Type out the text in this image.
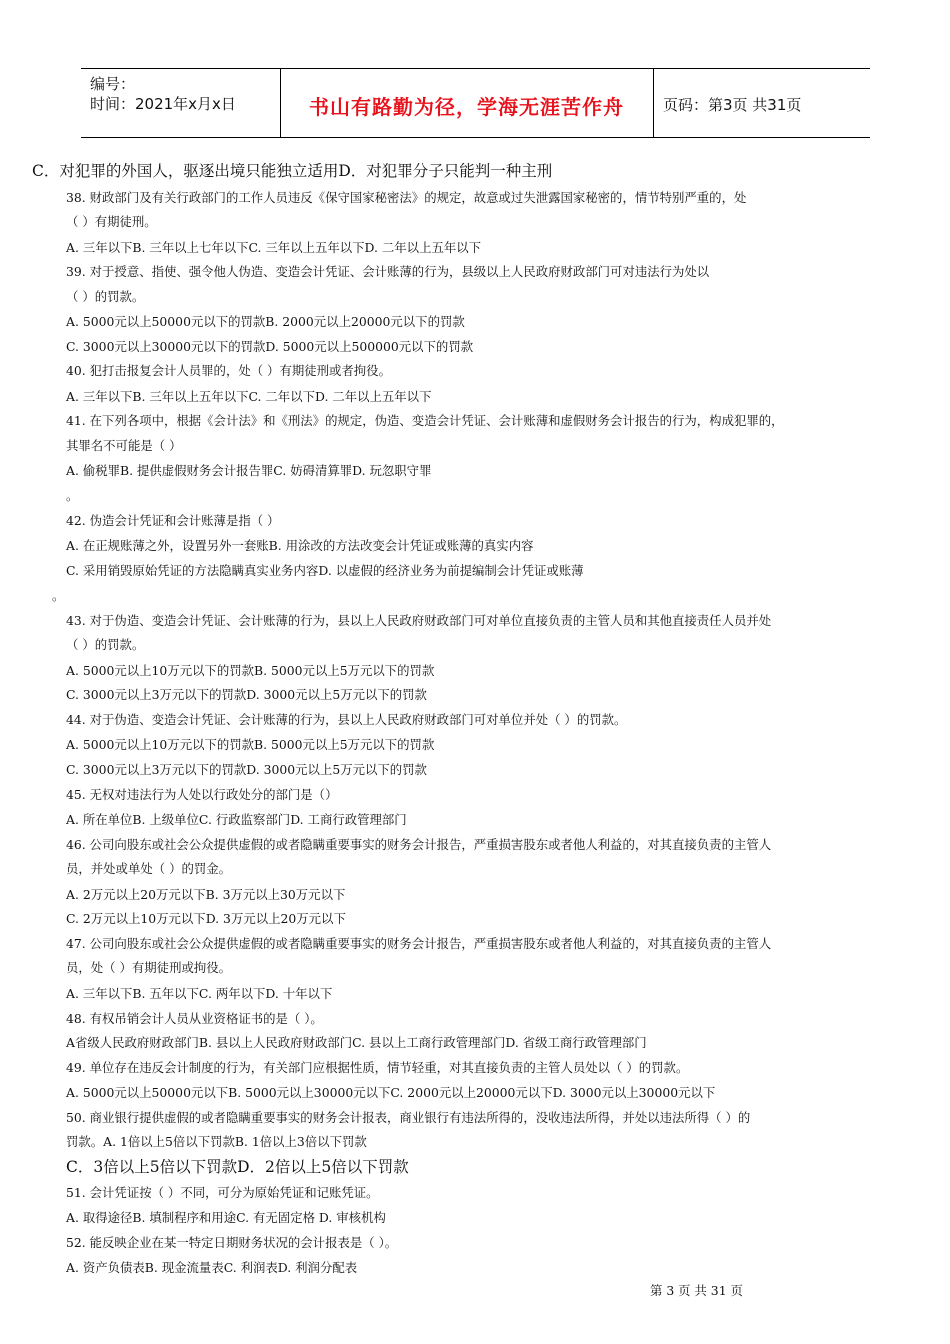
编号：
时间：2021年x月x日	书山有路勤为径，学海无涯苦作舟	页码：第3页 共31页
C．对犯罪的外国人，驱逐出境只能独立适用D．对犯罪分子只能判一种主刑
38. 财政部门及有关行政部门的工作人员违反《保守国家秘密法》的规定，故意或过失泄露国家秘密的，情节特别严重的，处
（ ）有期徒刑。
A. 三年以下B. 三年以上七年以下C. 三年以上五年以下D. 二年以上五年以下
39. 对于授意、指使、强令他人伪造、变造会计凭证、会计账薄的行为，县级以上人民政府财政部门可对违法行为处以
（ ）的罚款。
A. 5000元以上50000元以下的罚款B. 2000元以上20000元以下的罚款
C. 3000元以上30000元以下的罚款D. 5000元以上500000元以下的罚款
40. 犯打击报复会计人员罪的，处（ ）有期徒刑或者拘役。
A. 三年以下B. 三年以上五年以下C. 二年以下D. 二年以上五年以下
41. 在下列各项中，根据《会计法》和《刑法》的规定，伪造、变造会计凭证、会计账薄和虚假财务会计报告的行为，构成犯罪的，
其罪名不可能是（ ）
A. 偷税罪B. 提供虚假财务会计报告罪C. 妨碍清算罪D. 玩忽职守罪
。
42. 伪造会计凭证和会计账薄是指（ ）
A. 在正规账薄之外，设置另外一套账B. 用涂改的方法改变会计凭证或账薄的真实内容
C. 采用销毁原始凭证的方法隐瞒真实业务内容D. 以虚假的经济业务为前提编制会计凭证或账薄
。
43. 对于伪造、变造会计凭证、会计账薄的行为，县以上人民政府财政部门可对单位直接负责的主管人员和其他直接责任人员并处
（ ）的罚款。
A. 5000元以上10万元以下的罚款B. 5000元以上5万元以下的罚款
C. 3000元以上3万元以下的罚款D. 3000元以上5万元以下的罚款
44. 对于伪造、变造会计凭证、会计账薄的行为，县以上人民政府财政部门可对单位并处（ ）的罚款。
A. 5000元以上10万元以下的罚款B. 5000元以上5万元以下的罚款
C. 3000元以上3万元以下的罚款D. 3000元以上5万元以下的罚款
45. 无权对违法行为人处以行政处分的部门是（）
A. 所在单位B. 上级单位C. 行政监察部门D. 工商行政管理部门
46. 公司向股东或社会公众提供虚假的或者隐瞒重要事实的财务会计报告，严重损害股东或者他人利益的，对其直接负责的主管人
员，并处或单处（ ）的罚金。
A. 2万元以上20万元以下B. 3万元以上30万元以下
C. 2万元以上10万元以下D. 3万元以上20万元以下
47. 公司向股东或社会公众提供虚假的或者隐瞒重要事实的财务会计报告，严重损害股东或者他人利益的，对其直接负责的主管人
员，处（ ）有期徒刑或拘役。
A. 三年以下B. 五年以下C. 两年以下D. 十年以下
48. 有权吊销会计人员从业资格证书的是（ ）。
A省级人民政府财政部门B. 县以上人民政府财政部门C. 县以上工商行政管理部门D. 省级工商行政管理部门
49. 单位存在违反会计制度的行为，有关部门应根据性质，情节轻重，对其直接负责的主管人员处以（ ）的罚款。
A. 5000元以上50000元以下B. 5000元以上30000元以下C. 2000元以上20000元以下D. 3000元以上30000元以下
50. 商业银行提供虚假的或者隐瞒重要事实的财务会计报表，商业银行有违法所得的，没收违法所得，并处以违法所得（ ）的
罚款。A. 1倍以上5倍以下罚款B. 1倍以上3倍以下罚款
C．3倍以上5倍以下罚款D．2倍以上5倍以下罚款
51. 会计凭证按（ ）不同，可分为原始凭证和记账凭证。
A. 取得途径B. 填制程序和用途C. 有无固定格 D. 审核机构
52. 能反映企业在某一特定日期财务状况的会计报表是（ ）。
A. 资产负债表B. 现金流量表C. 利润表D. 利润分配表
第 3 页 共 31 页
